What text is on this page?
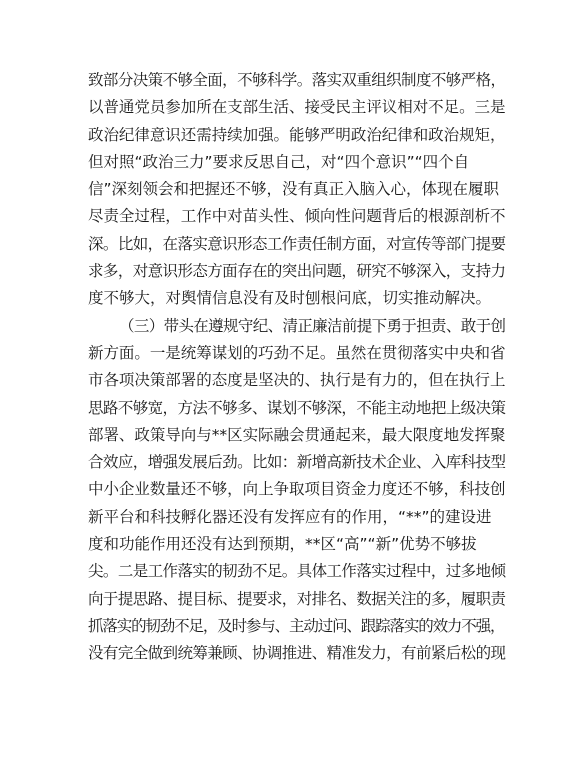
致部分决策不够全面，不够科学。落实双重组织制度不够严格，
以普通党员参加所在支部生活、接受民主评议相对不足。三是
政治纪律意识还需持续加强。能够严明政治纪律和政治规矩，
但对照“政治三力”要求反思自己，对“四个意识”“四个自
信”深刻领会和把握还不够，没有真正入脑入心，体现在履职
尽责全过程，工作中对苗头性、倾向性问题背后的根源剖析不
深。比如，在落实意识形态工作责任制方面，对宣传等部门提要
求多，对意识形态方面存在的突出问题，研究不够深入，支持力
度不够大，对舆情信息没有及时刨根问底，切实推动解决。
（三）带头在遵规守纪、清正廉洁前提下勇于担责、敢于创
新方面。一是统筹谋划的巧劲不足。虽然在贯彻落实中央和省
市各项决策部署的态度是坚决的、执行是有力的，但在执行上
思路不够宽，方法不够多、谋划不够深，不能主动地把上级决策
部署、政策导向与**区实际融会贯通起来，最大限度地发挥聚
合效应，增强发展后劲。比如：新增高新技术企业、入库科技型
中小企业数量还不够，向上争取项目资金力度还不够，科技创
新平台和科技孵化器还没有发挥应有的作用，“**”的建设进
度和功能作用还没有达到预期，**区“高”“新”优势不够拔
尖。二是工作落实的韧劲不足。具体工作落实过程中，过多地倾
向于提思路、提目标、提要求，对排名、数据关注的多，履职责
抓落实的韧劲不足，及时参与、主动过问、跟踪落实的效力不强，
没有完全做到统筹兼顾、协调推进、精准发力，有前紧后松的现
